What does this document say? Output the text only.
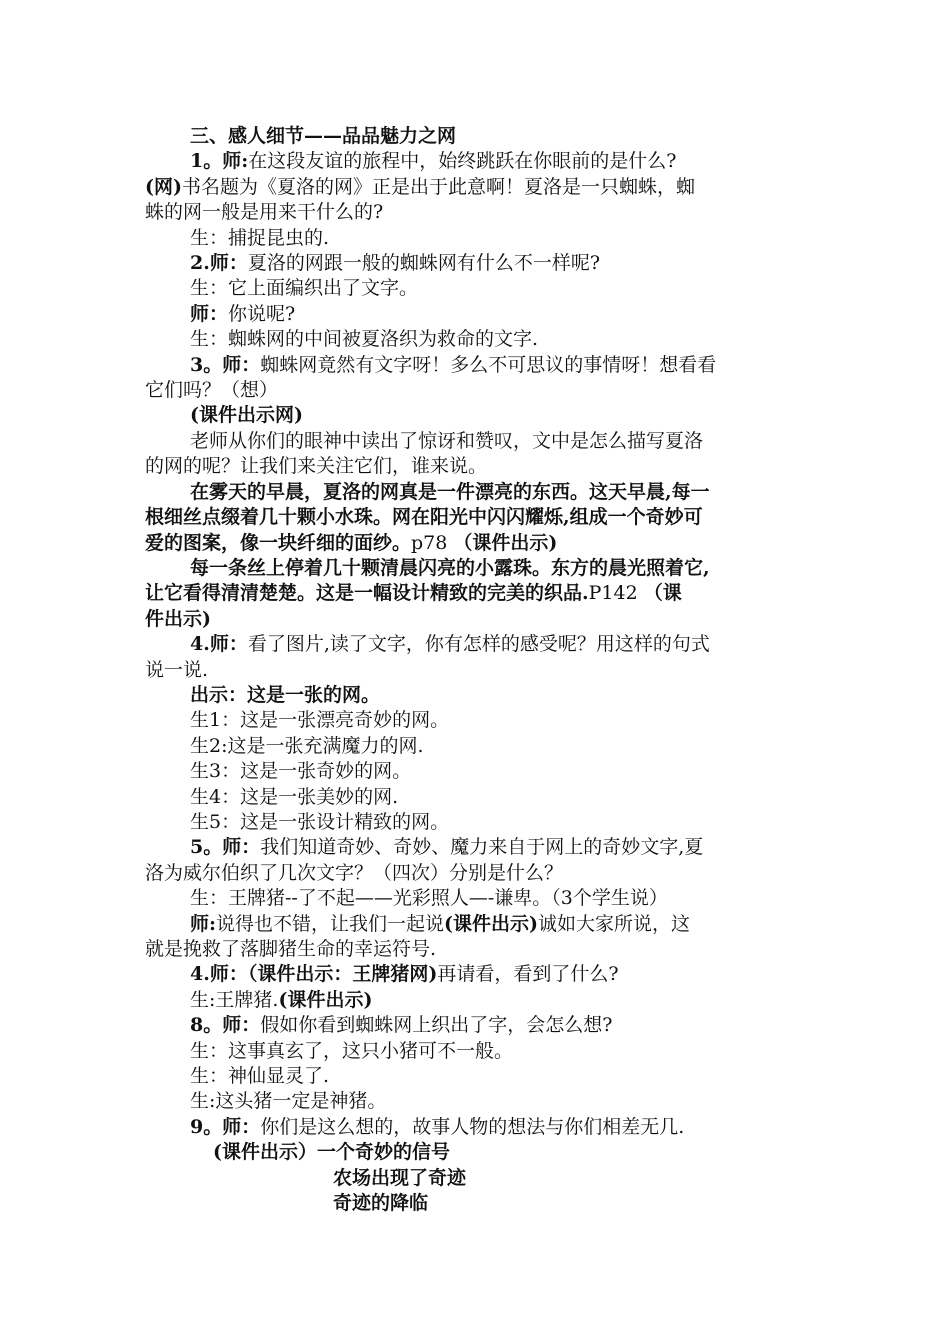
三、感人细节——品品魅力之网
1。师:在这段友谊的旅程中，始终跳跃在你眼前的是什么?
(网)书名题为《夏洛的网》正是出于此意啊！夏洛是一只蜘蛛，蜘
蛛的网一般是用来干什么的?
生：捕捉昆虫的.
2.师：夏洛的网跟一般的蜘蛛网有什么不一样呢?
生：它上面编织出了文字。
师：你说呢?
生：蜘蛛网的中间被夏洛织为救命的文字.
3。师：蜘蛛网竟然有文字呀！多么不可思议的事情呀！想看看
它们吗？（想）
(课件出示网)
老师从你们的眼神中读出了惊讶和赞叹，文中是怎么描写夏洛
的网的呢？让我们来关注它们，谁来说。
在雾天的早晨，夏洛的网真是一件漂亮的东西。这天早晨,每一
根细丝点缀着几十颗小水珠。网在阳光中闪闪耀烁,组成一个奇妙可
爱的图案，像一块纤细的面纱。p78 （课件出示)
每一条丝上停着几十颗清晨闪亮的小露珠。东方的晨光照着它,
让它看得清清楚楚。这是一幅设计精致的完美的织品.P142 （课
件出示)
4.师：看了图片,读了文字，你有怎样的感受呢？用这样的句式
说一说.
出示：这是一张的网。
生1：这是一张漂亮奇妙的网。
生2:这是一张充满魔力的网.
生3：这是一张奇妙的网。
生4：这是一张美妙的网.
生5：这是一张设计精致的网。
5。师：我们知道奇妙、奇妙、魔力来自于网上的奇妙文字,夏
洛为威尔伯织了几次文字？（四次）分别是什么？
生：王牌猪--了不起——光彩照人—-谦卑。（3个学生说）
师:说得也不错，让我们一起说(课件出示)诚如大家所说，这
就是挽救了落脚猪生命的幸运符号.
4.师：（课件出示：王牌猪网)再请看，看到了什么?
生:王牌猪.(课件出示)
8。师：假如你看到蜘蛛网上织出了字，会怎么想?
生：这事真玄了，这只小猪可不一般。
生：神仙显灵了.
生:这头猪一定是神猪。
9。师：你们是这么想的，故事人物的想法与你们相差无几.
(课件出示）一个奇妙的信号
农场出现了奇迹
奇迹的降临
